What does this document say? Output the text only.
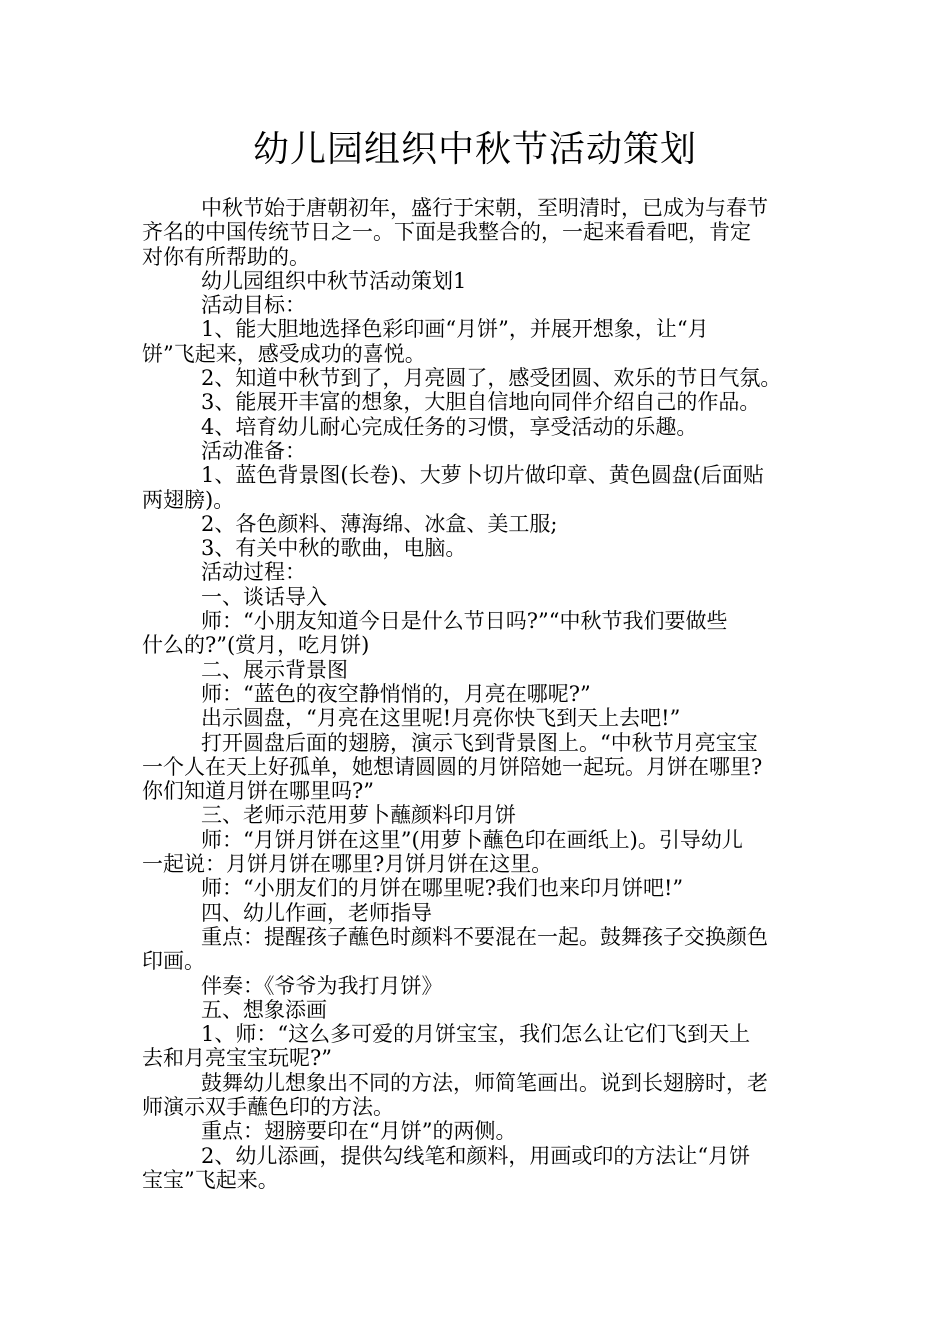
幼儿园组织中秋节活动策划
中秋节始于唐朝初年，盛行于宋朝，至明清时，已成为与春节
齐名的中国传统节日之一。下面是我整合的，一起来看看吧，肯定
对你有所帮助的。
幼儿园组织中秋节活动策划1
活动目标：
1、能大胆地选择色彩印画“月饼”，并展开想象，让“月
饼”飞起来，感受成功的喜悦。
2、知道中秋节到了，月亮圆了，感受团圆、欢乐的节日气氛。
3、能展开丰富的想象，大胆自信地向同伴介绍自己的作品。
4、培育幼儿耐心完成任务的习惯，享受活动的乐趣。
活动准备：
1、蓝色背景图(长卷)、大萝卜切片做印章、黄色圆盘(后面贴
两翅膀)。
2、各色颜料、薄海绵、冰盒、美工服;
3、有关中秋的歌曲，电脑。
活动过程：
一、谈话导入
师：“小朋友知道今日是什么节日吗?”“中秋节我们要做些
什么的?”(赏月，吃月饼)
二、展示背景图
师：“蓝色的夜空静悄悄的，月亮在哪呢?”
出示圆盘，“月亮在这里呢!月亮你快飞到天上去吧!”
打开圆盘后面的翅膀，演示飞到背景图上。“中秋节月亮宝宝
一个人在天上好孤单，她想请圆圆的月饼陪她一起玩。月饼在哪里?
你们知道月饼在哪里吗?”
三、老师示范用萝卜蘸颜料印月饼
师：“月饼月饼在这里”(用萝卜蘸色印在画纸上)。引导幼儿
一起说：月饼月饼在哪里?月饼月饼在这里。
师：“小朋友们的月饼在哪里呢?我们也来印月饼吧!”
四、幼儿作画，老师指导
重点：提醒孩子蘸色时颜料不要混在一起。鼓舞孩子交换颜色
印画。
伴奏：《爷爷为我打月饼》
五、想象添画
1、师：“这么多可爱的月饼宝宝，我们怎么让它们飞到天上
去和月亮宝宝玩呢?”
鼓舞幼儿想象出不同的方法，师简笔画出。说到长翅膀时，老
师演示双手蘸色印的方法。
重点：翅膀要印在“月饼”的两侧。
2、幼儿添画，提供勾线笔和颜料，用画或印的方法让“月饼
宝宝”飞起来。
